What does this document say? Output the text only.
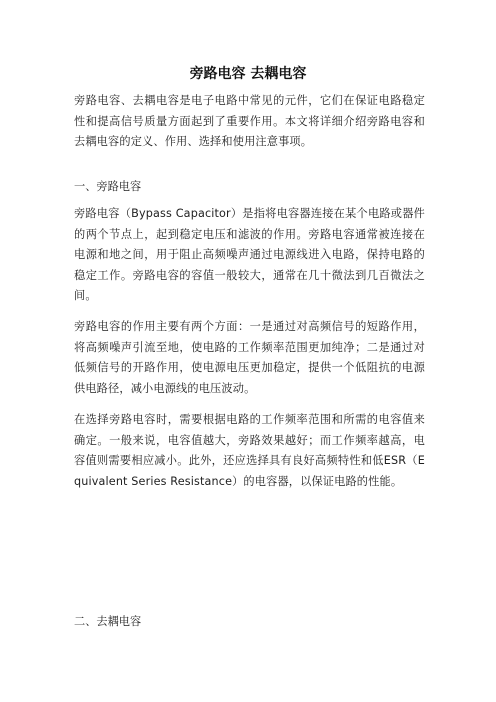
旁路电容 去耦电容
旁路电容、去耦电容是电子电路中常见的元件，它们在保证电路稳定性和提高信号质量方面起到了重要作用。本文将详细介绍旁路电容和去耦电容的定义、作用、选择和使用注意事项。
一、旁路电容
旁路电容（Bypass Capacitor）是指将电容器连接在某个电路或器件的两个节点上，起到稳定电压和滤波的作用。旁路电容通常被连接在电源和地之间，用于阻止高频噪声通过电源线进入电路，保持电路的稳定工作。旁路电容的容值一般较大，通常在几十微法到几百微法之间。
旁路电容的作用主要有两个方面：一是通过对高频信号的短路作用，将高频噪声引流至地，使电路的工作频率范围更加纯净；二是通过对低频信号的开路作用，使电源电压更加稳定，提供一个低阻抗的电源供电路径，减小电源线的电压波动。
在选择旁路电容时，需要根据电路的工作频率范围和所需的电容值来确定。一般来说，电容值越大，旁路效果越好；而工作频率越高，电容值则需要相应减小。此外，还应选择具有良好高频特性和低ESR（Equivalent Series Resistance）的电容器，以保证电路的性能。
二、去耦电容
